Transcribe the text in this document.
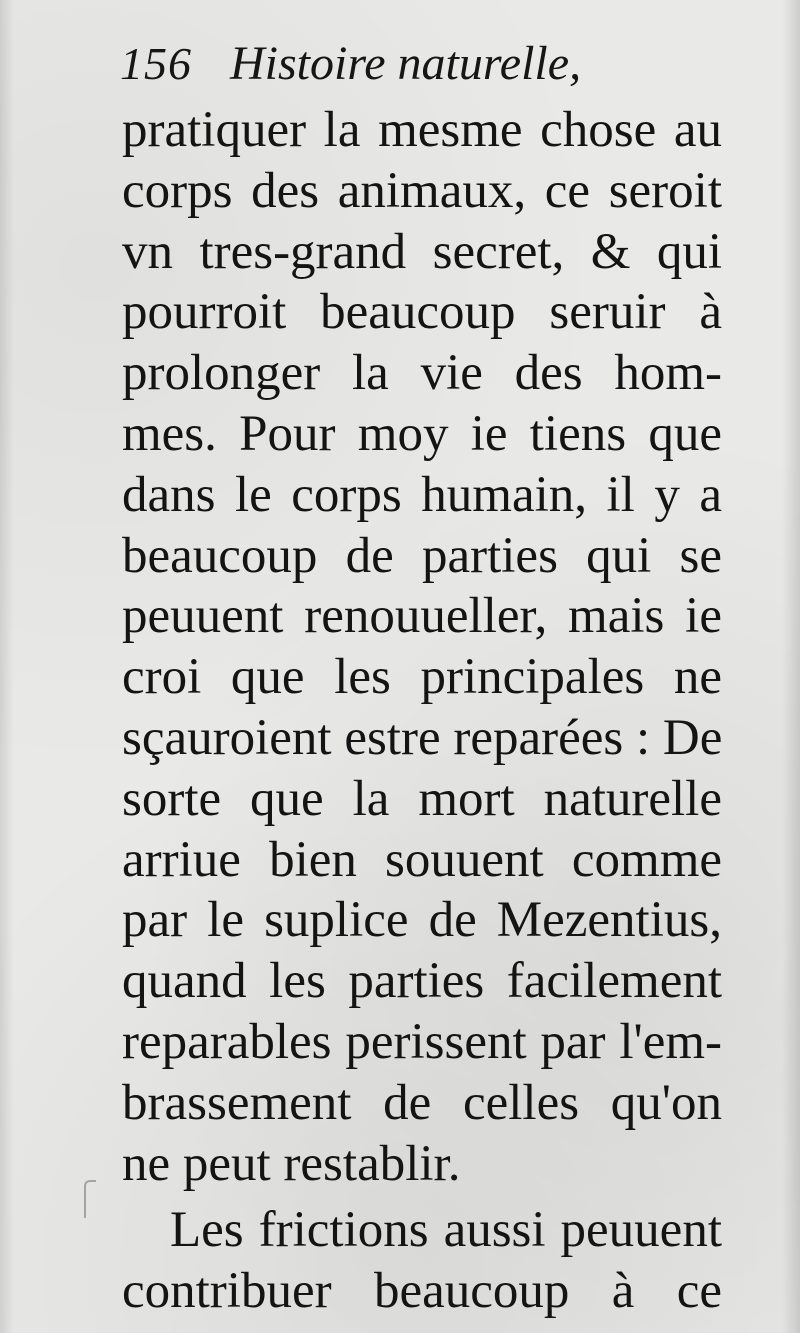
156 Histoire naturelle,
pratiquer la mesme chose au
corps des animaux, ce seroit
vn tres-grand secret, & qui
pourroit beaucoup seruir à
prolonger la vie des hom-
mes. Pour moy ie tiens que
dans le corps humain, il y a
beaucoup de parties qui se
peuuent renouueller, mais ie
croi que les principales ne
sçauroient estre reparées : De
sorte que la mort naturelle
arriue bien souuent comme
par le suplice de Mezentius,
quand les parties facilement
reparables perissent par l'em-
brassement de celles qu'on
ne peut restablir.
Les frictions aussi peuuent
contribuer beaucoup à ce
